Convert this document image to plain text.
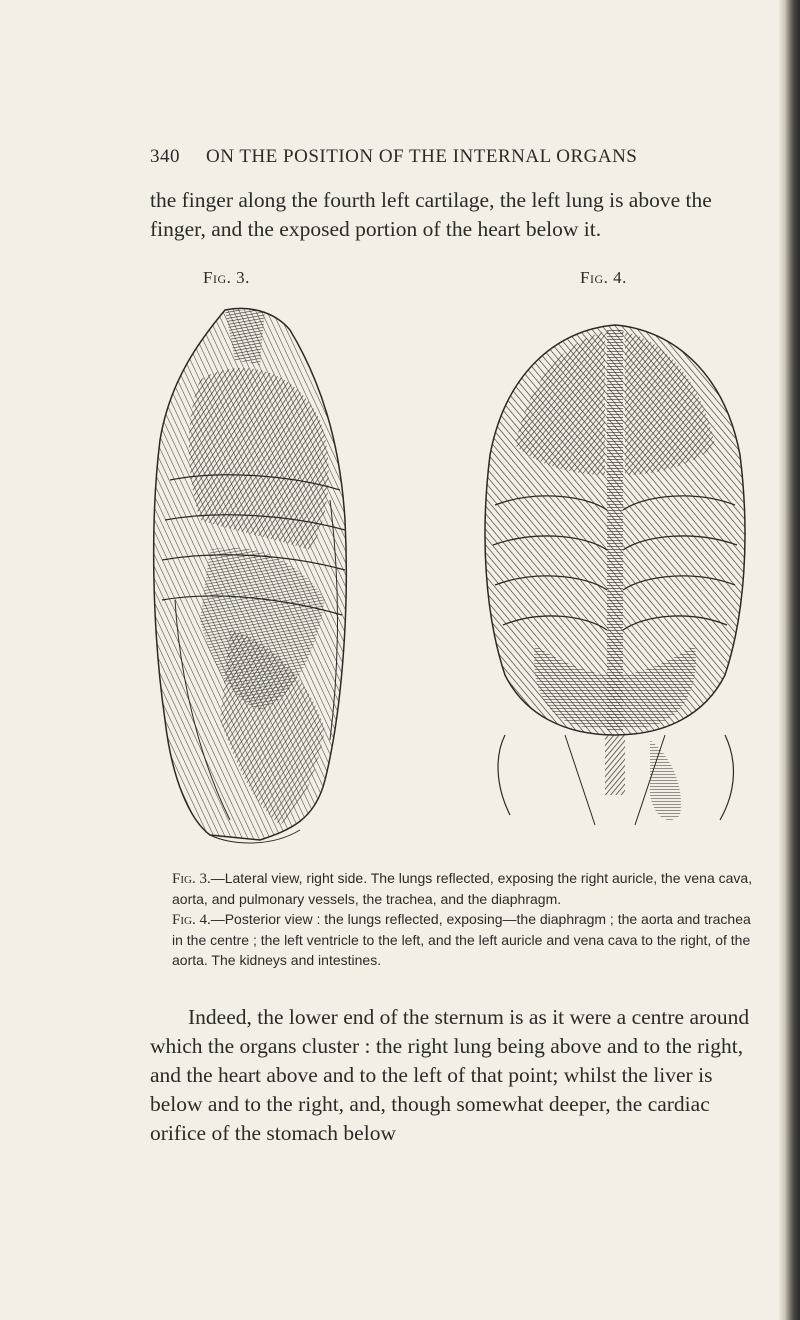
340 ON THE POSITION OF THE INTERNAL ORGANS

the finger along the fourth left cartilage, the left lung is above the finger, and the exposed portion of the heart below it.

Fig. 3.	Fig. 4.

Fig. 3.—Lateral view, right side. The lungs reflected, exposing the right auricle, the vena cava, aorta, and pulmonary vessels, the trachea, and the diaphragm.

Fig. 4.—Posterior view : the lungs reflected, exposing—the diaphragm ; the aorta and trachea in the centre ; the left ventricle to the left, and the left auricle and vena cava to the right, of the aorta. The kidneys and intestines.

Indeed, the lower end of the sternum is as it were a centre around which the organs cluster : the right lung being above and to the right, and the heart above and to the left of that point; whilst the liver is below and to the right, and, though somewhat deeper, the cardiac orifice of the stomach below
